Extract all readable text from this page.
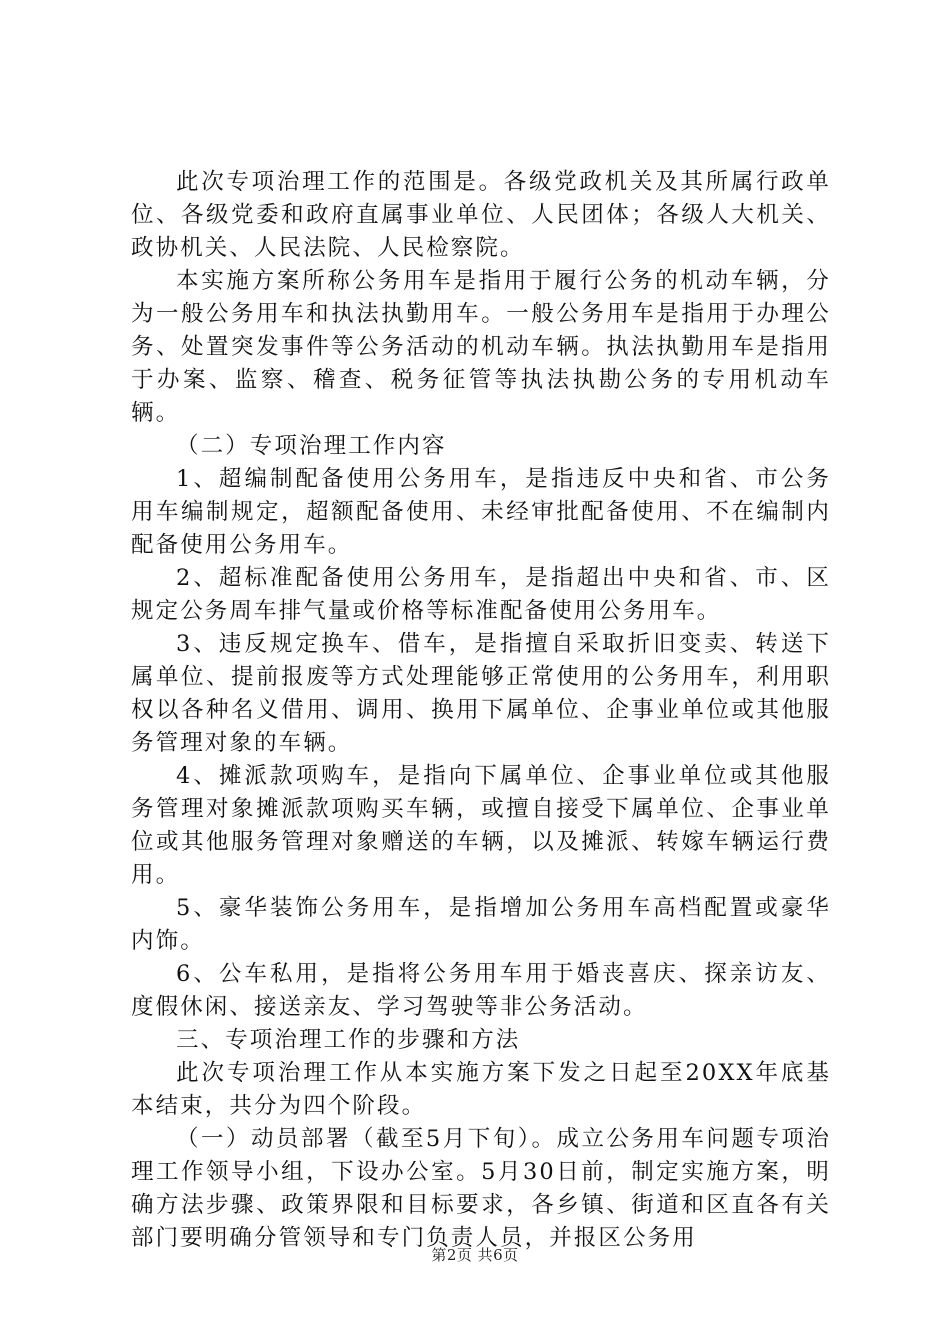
此次专项治理工作的范围是。各级党政机关及其所属行政单位、各级党委和政府直属事业单位、人民团体；各级人大机关、政协机关、人民法院、人民检察院。

本实施方案所称公务用车是指用于履行公务的机动车辆，分为一般公务用车和执法执勤用车。一般公务用车是指用于办理公务、处置突发事件等公务活动的机动车辆。执法执勤用车是指用于办案、监察、稽查、税务征管等执法执勘公务的专用机动车辆。

（二）专项治理工作内容

1、超编制配备使用公务用车，是指违反中央和省、市公务用车编制规定，超额配备使用、未经审批配备使用、不在编制内配备使用公务用车。

2、超标准配备使用公务用车，是指超出中央和省、市、区规定公务周车排气量或价格等标准配备使用公务用车。

3、违反规定换车、借车，是指擅自采取折旧变卖、转送下属单位、提前报废等方式处理能够正常使用的公务用车，利用职权以各种名义借用、调用、换用下属单位、企事业单位或其他服务管理对象的车辆。

4、摊派款项购车，是指向下属单位、企事业单位或其他服务管理对象摊派款项购买车辆，或擅自接受下属单位、企事业单位或其他服务管理对象赠送的车辆，以及摊派、转嫁车辆运行费用。

5、豪华装饰公务用车，是指增加公务用车高档配置或豪华内饰。

6、公车私用，是指将公务用车用于婚丧喜庆、探亲访友、度假休闲、接送亲友、学习驾驶等非公务活动。

三、专项治理工作的步骤和方法

此次专项治理工作从本实施方案下发之日起至20XX年底基本结束，共分为四个阶段。

（一）动员部署（截至5月下旬）。成立公务用车问题专项治理工作领导小组，下设办公室。5月30日前，制定实施方案，明确方法步骤、政策界限和目标要求，各乡镇、街道和区直各有关部门要明确分管领导和专门负责人员，并报区公务用

第2页 共6页
